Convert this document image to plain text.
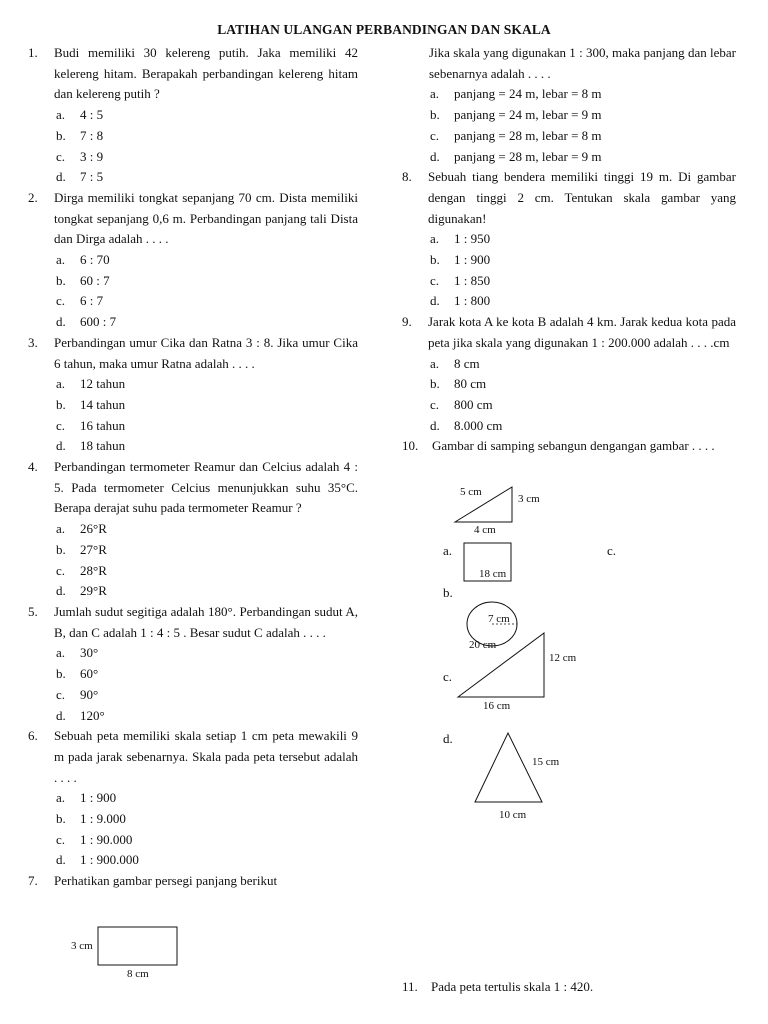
LATIHAN ULANGAN PERBANDINGAN DAN SKALA
1.	Budi memiliki 30 kelereng putih. Jaka memiliki 42 kelereng hitam. Berapakah perbandingan kelereng hitam dan kelereng putih ?
a.	4 : 5
b.	7 : 8
c.	3 : 9
d.	7 : 5
2.	Dirga memiliki tongkat sepanjang 70 cm. Dista memiliki tongkat sepanjang 0,6 m. Perbandingan panjang tali Dista dan Dirga adalah . . . .
a.	6 : 70
b.	60 : 7
c.	6 : 7
d.	600 : 7
3.	Perbandingan umur Cika dan Ratna 3 : 8. Jika umur Cika 6 tahun, maka umur Ratna adalah . . . .
a.	12 tahun
b.	14 tahun
c.	16 tahun
d.	18 tahun
4.	Perbandingan termometer Reamur dan Celcius adalah 4 : 5. Pada termometer Celcius menunjukkan suhu 35°C. Berapa derajat suhu pada termometer Reamur ?
a.	26°R
b.	27°R
c.	28°R
d.	29°R
5.	Jumlah sudut segitiga adalah 180°. Perbandingan sudut A, B, dan C adalah 1 : 4 : 5 . Besar sudut C adalah . . . .
a.	30°
b.	60°
c.	90°
d.	120°
6.	Sebuah peta memiliki skala setiap 1 cm peta mewakili 9 m pada jarak sebenarnya. Skala pada peta tersebut adalah . . . .
a.	1 : 900
b.	1 : 9.000
c.	1 : 90.000
d.	1 : 900.000
7.	Perhatikan gambar persegi panjang berikut
3 cm
8 cm
Jika skala yang digunakan 1 : 300, maka panjang dan lebar sebenarnya adalah . . . .
a.	panjang = 24 m, lebar = 8 m
b.	panjang = 24 m, lebar = 9 m
c.	panjang = 28 m, lebar = 8 m
d.	panjang = 28 m, lebar = 9 m
8.	Sebuah tiang bendera memiliki tinggi 19 m. Di gambar dengan tinggi 2 cm. Tentukan skala gambar yang digunakan!
a.	1 : 950
b.	1 : 900
c.	1 : 850
d.	1 : 800
9.	Jarak kota A ke kota B adalah 4 km. Jarak kedua kota pada peta jika skala yang digunakan 1 : 200.000 adalah . . . .cm
a.	8 cm
b.	80 cm
c.	800 cm
d.	8.000 cm
10.	Gambar di samping sebangun dengangan gambar . . . .
5 cm
3 cm
4 cm
a.
18 cm
c.
b.
7 cm
20 cm
c.
12 cm
16 cm
d.
15 cm
10 cm
11.	Pada peta tertulis skala 1 : 420.
